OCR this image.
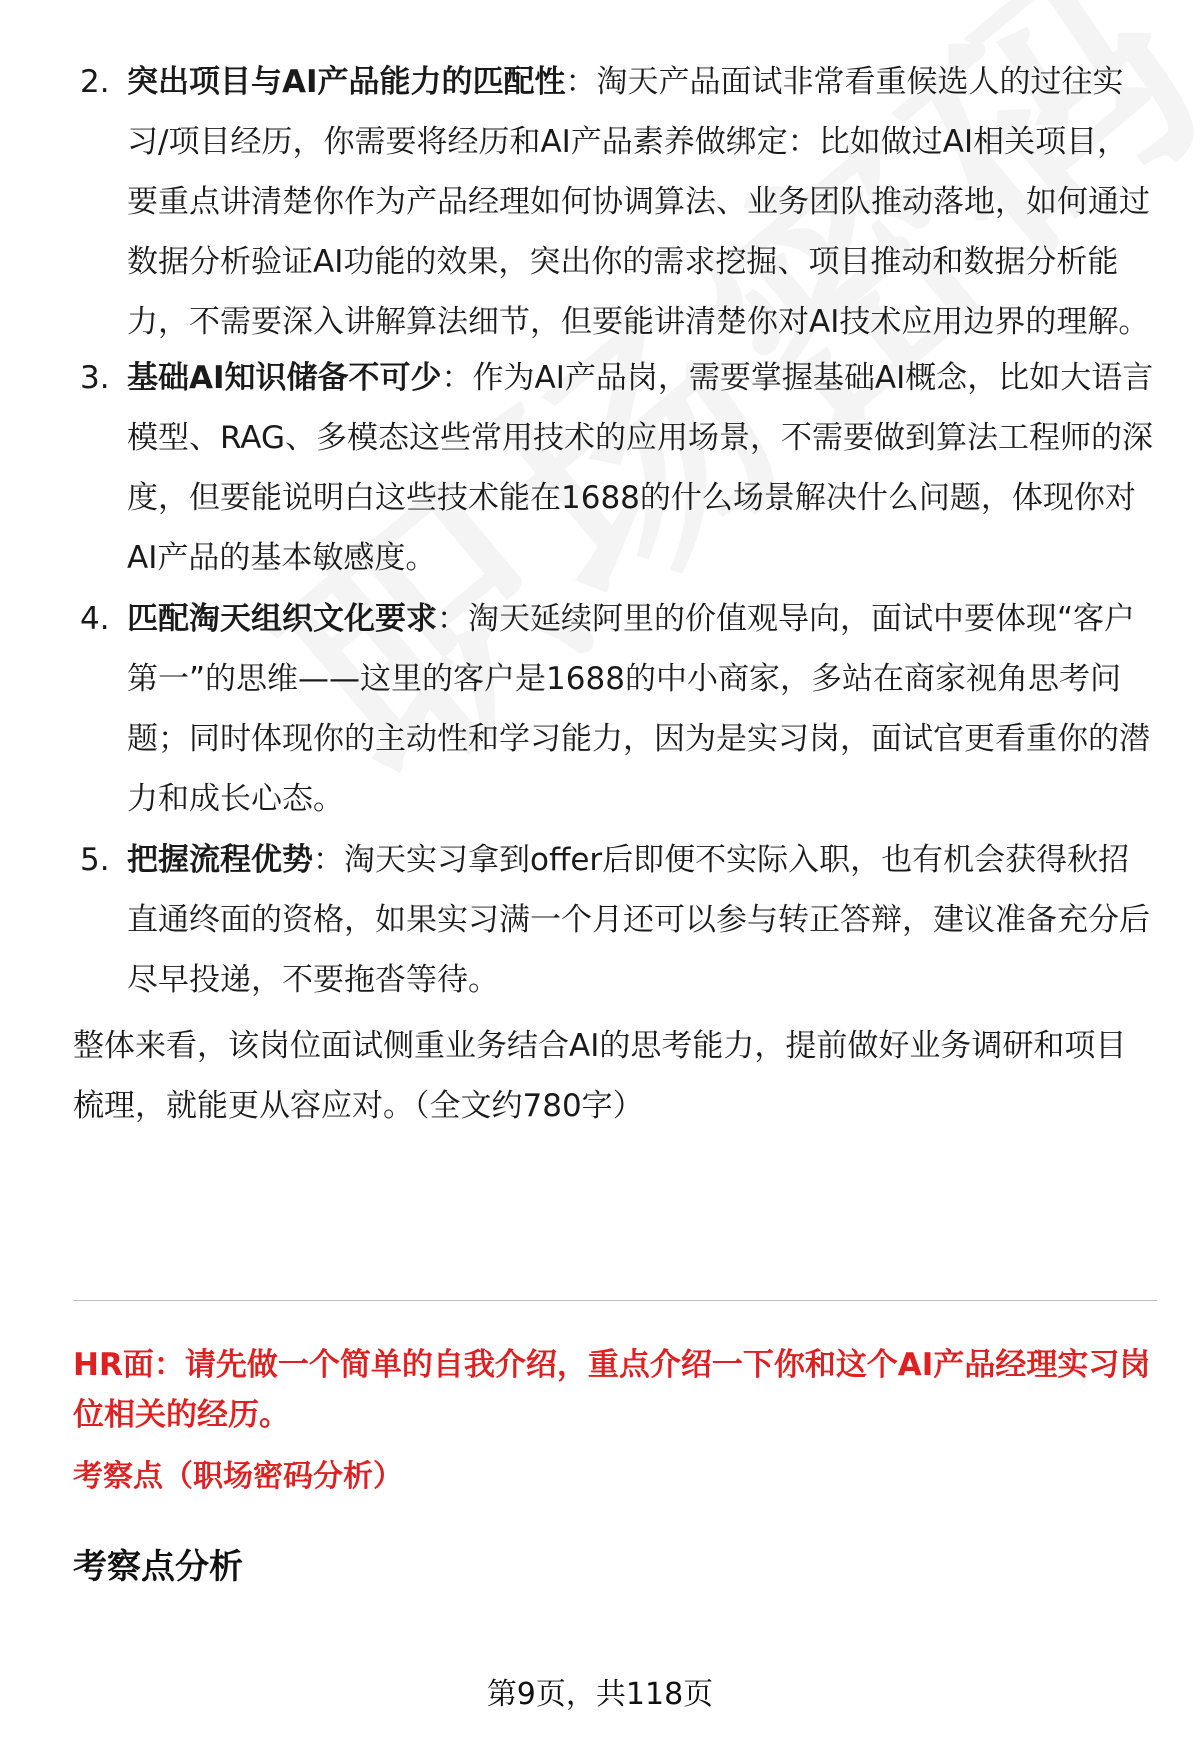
2. 突出项目与AI产品能力的匹配性：淘天产品面试非常看重候选人的过往实习/项目经历，你需要将经历和AI产品素养做绑定：比如做过AI相关项目，要重点讲清楚你作为产品经理如何协调算法、业务团队推动落地，如何通过数据分析验证AI功能的效果，突出你的需求挖掘、项目推动和数据分析能力，不需要深入讲解算法细节，但要能讲清楚你对AI技术应用边界的理解。
3. 基础AI知识储备不可少：作为AI产品岗，需要掌握基础AI概念，比如大语言模型、RAG、多模态这些常用技术的应用场景，不需要做到算法工程师的深度，但要能说明白这些技术能在1688的什么场景解决什么问题，体现你对AI产品的基本敏感度。
4. 匹配淘天组织文化要求：淘天延续阿里的价值观导向，面试中要体现“客户第一”的思维——这里的客户是1688的中小商家，多站在商家视角思考问题；同时体现你的主动性和学习能力，因为是实习岗，面试官更看重你的潜力和成长心态。
5. 把握流程优势：淘天实习拿到offer后即便不实际入职，也有机会获得秋招直通终面的资格，如果实习满一个月还可以参与转正答辩，建议准备充分后尽早投递，不要拖沓等待。
整体来看，该岗位面试侧重业务结合AI的思考能力，提前做好业务调研和项目梳理，就能更从容应对。（全文约780字）
HR面：请先做一个简单的自我介绍，重点介绍一下你和这个AI产品经理实习岗位相关的经历。
考察点（职场密码分析）
考察点分析
第9页，共118页
